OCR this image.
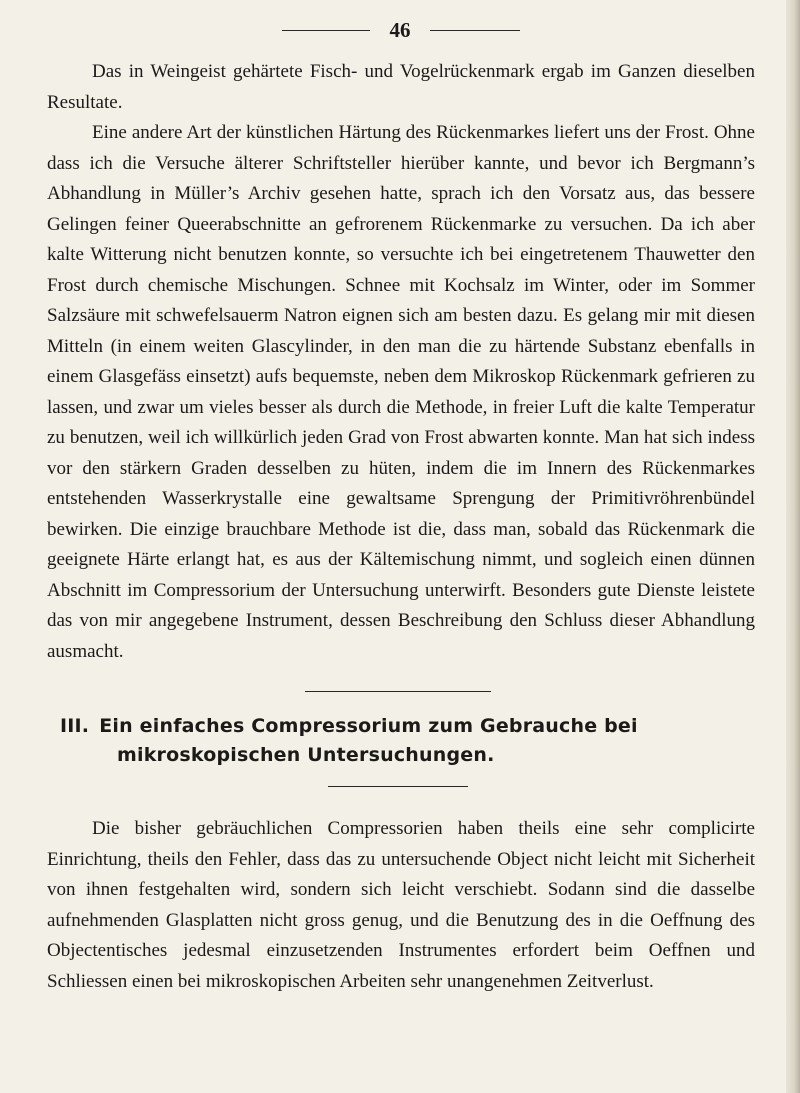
46

Das in Weingeist gehärtete Fisch- und Vogelrückenmark ergab im Ganzen dieselben Resultate.

Eine andere Art der künstlichen Härtung des Rückenmarkes liefert uns der Frost. Ohne dass ich die Versuche älterer Schriftsteller hierüber kannte, und bevor ich Bergmann’s Abhandlung in Müller’s Archiv gesehen hatte, sprach ich den Vorsatz aus, das bessere Gelingen feiner Queerabschnitte an gefrorenem Rückenmarke zu versuchen. Da ich aber kalte Witterung nicht benutzen konnte, so versuchte ich bei eingetretenem Thauwetter den Frost durch chemische Mischungen. Schnee mit Kochsalz im Winter, oder im Sommer Salzsäure mit schwefelsauerm Natron eignen sich am besten dazu. Es gelang mir mit diesen Mitteln (in einem weiten Glascylinder, in den man die zu härtende Substanz ebenfalls in einem Glasgefäss einsetzt) aufs bequemste, neben dem Mikroskop Rückenmark gefrieren zu lassen, und zwar um vieles besser als durch die Methode, in freier Luft die kalte Temperatur zu benutzen, weil ich willkürlich jeden Grad von Frost abwarten konnte. Man hat sich indess vor den stärkern Graden desselben zu hüten, indem die im Innern des Rückenmarkes entstehenden Wasserkrystalle eine gewaltsame Sprengung der Primitivröhrenbündel bewirken. Die einzige brauchbare Methode ist die, dass man, sobald das Rückenmark die geeignete Härte erlangt hat, es aus der Kältemischung nimmt, und sogleich einen dünnen Abschnitt im Compressorium der Untersuchung unterwirft. Besonders gute Dienste leistete das von mir angegebene Instrument, dessen Beschreibung den Schluss dieser Abhandlung ausmacht.

III. Ein einfaches Compressorium zum Gebrauche bei
mikroskopischen Untersuchungen.

Die bisher gebräuchlichen Compressorien haben theils eine sehr complicirte Einrichtung, theils den Fehler, dass das zu untersuchende Object nicht leicht mit Sicherheit von ihnen festgehalten wird, sondern sich leicht verschiebt. Sodann sind die dasselbe aufnehmenden Glasplatten nicht gross genug, und die Benutzung des in die Oeffnung des Objectentisches jedesmal einzusetzenden Instrumentes erfordert beim Oeffnen und Schliessen einen bei mikroskopischen Arbeiten sehr unangenehmen Zeitverlust.
